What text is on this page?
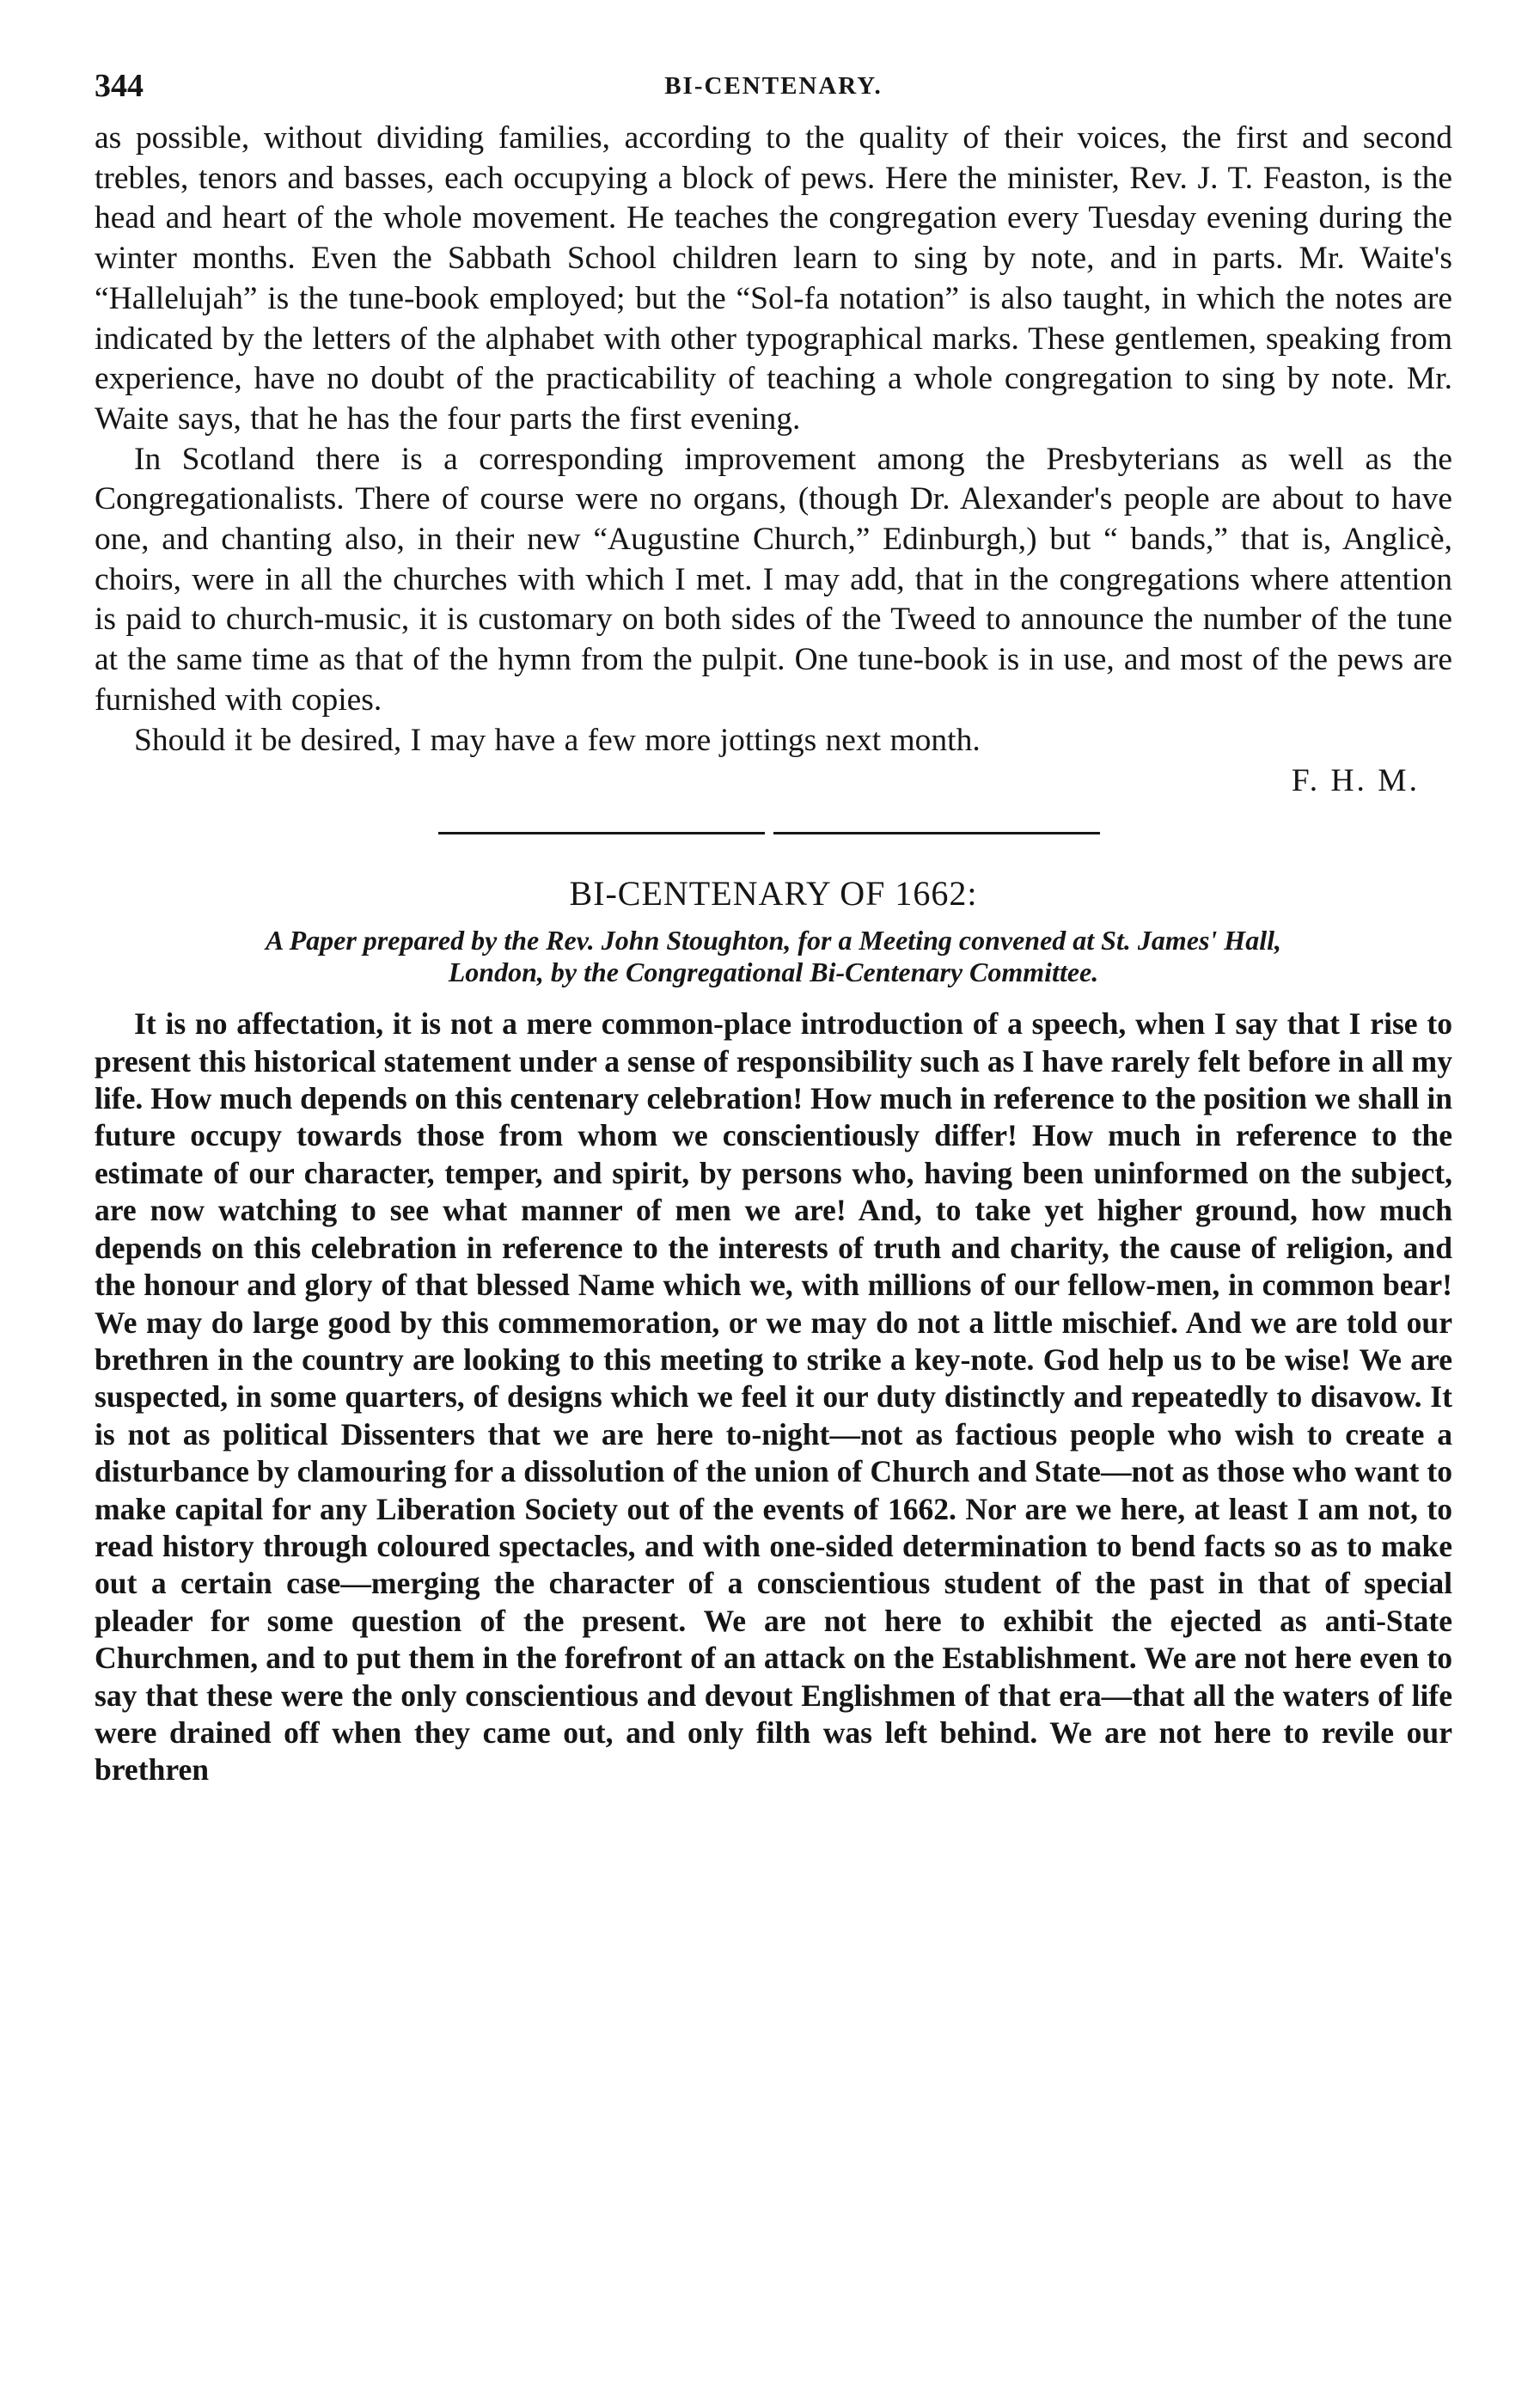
344	BI-CENTENARY.

as possible, without dividing families, according to the quality of their voices, the first and second trebles, tenors and basses, each occupying a block of pews. Here the minister, Rev. J. T. Feaston, is the head and heart of the whole movement. He teaches the congregation every Tuesday evening during the winter months. Even the Sabbath School children learn to sing by note, and in parts. Mr. Waite's “Hallelujah” is the tune-book employed; but the “Sol-fa notation” is also taught, in which the notes are indicated by the letters of the alphabet with other typographical marks. These gentlemen, speaking from experience, have no doubt of the practicability of teaching a whole congregation to sing by note. Mr. Waite says, that he has the four parts the first evening.

In Scotland there is a corresponding improvement among the Presbyterians as well as the Congregationalists. There of course were no organs, (though Dr. Alexander's people are about to have one, and chanting also, in their new “Augustine Church,” Edinburgh,) but “ bands,” that is, Anglicè, choirs, were in all the churches with which I met. I may add, that in the congregations where attention is paid to church-music, it is customary on both sides of the Tweed to announce the number of the tune at the same time as that of the hymn from the pulpit. One tune-book is in use, and most of the pews are furnished with copies.

Should it be desired, I may have a few more jottings next month.

F. H. M.
BI-CENTENARY OF 1662:
A Paper prepared by the Rev. John Stoughton, for a Meeting convened at St. James' Hall,
London, by the Congregational Bi-Centenary Committee.

It is no affectation, it is not a mere common-place introduction of a speech, when I say that I rise to present this historical statement under a sense of responsibility such as I have rarely felt before in all my life. How much depends on this centenary celebration! How much in reference to the position we shall in future occupy towards those from whom we conscientiously differ! How much in reference to the estimate of our character, temper, and spirit, by persons who, having been uninformed on the subject, are now watching to see what manner of men we are! And, to take yet higher ground, how much depends on this celebration in reference to the interests of truth and charity, the cause of religion, and the honour and glory of that blessed Name which we, with millions of our fellow-men, in common bear! We may do large good by this commemoration, or we may do not a little mischief. And we are told our brethren in the country are looking to this meeting to strike a key-note. God help us to be wise! We are suspected, in some quarters, of designs which we feel it our duty distinctly and repeatedly to disavow. It is not as political Dissenters that we are here to-night—not as factious people who wish to create a disturbance by clamouring for a dissolution of the union of Church and State—not as those who want to make capital for any Liberation Society out of the events of 1662. Nor are we here, at least I am not, to read history through coloured spectacles, and with one-sided determination to bend facts so as to make out a certain case—merging the character of a conscientious student of the past in that of special pleader for some question of the present. We are not here to exhibit the ejected as anti-State Churchmen, and to put them in the forefront of an attack on the Establishment. We are not here even to say that these were the only conscientious and devout Englishmen of that era—that all the waters of life were drained off when they came out, and only filth was left behind. We are not here to revile our brethren
